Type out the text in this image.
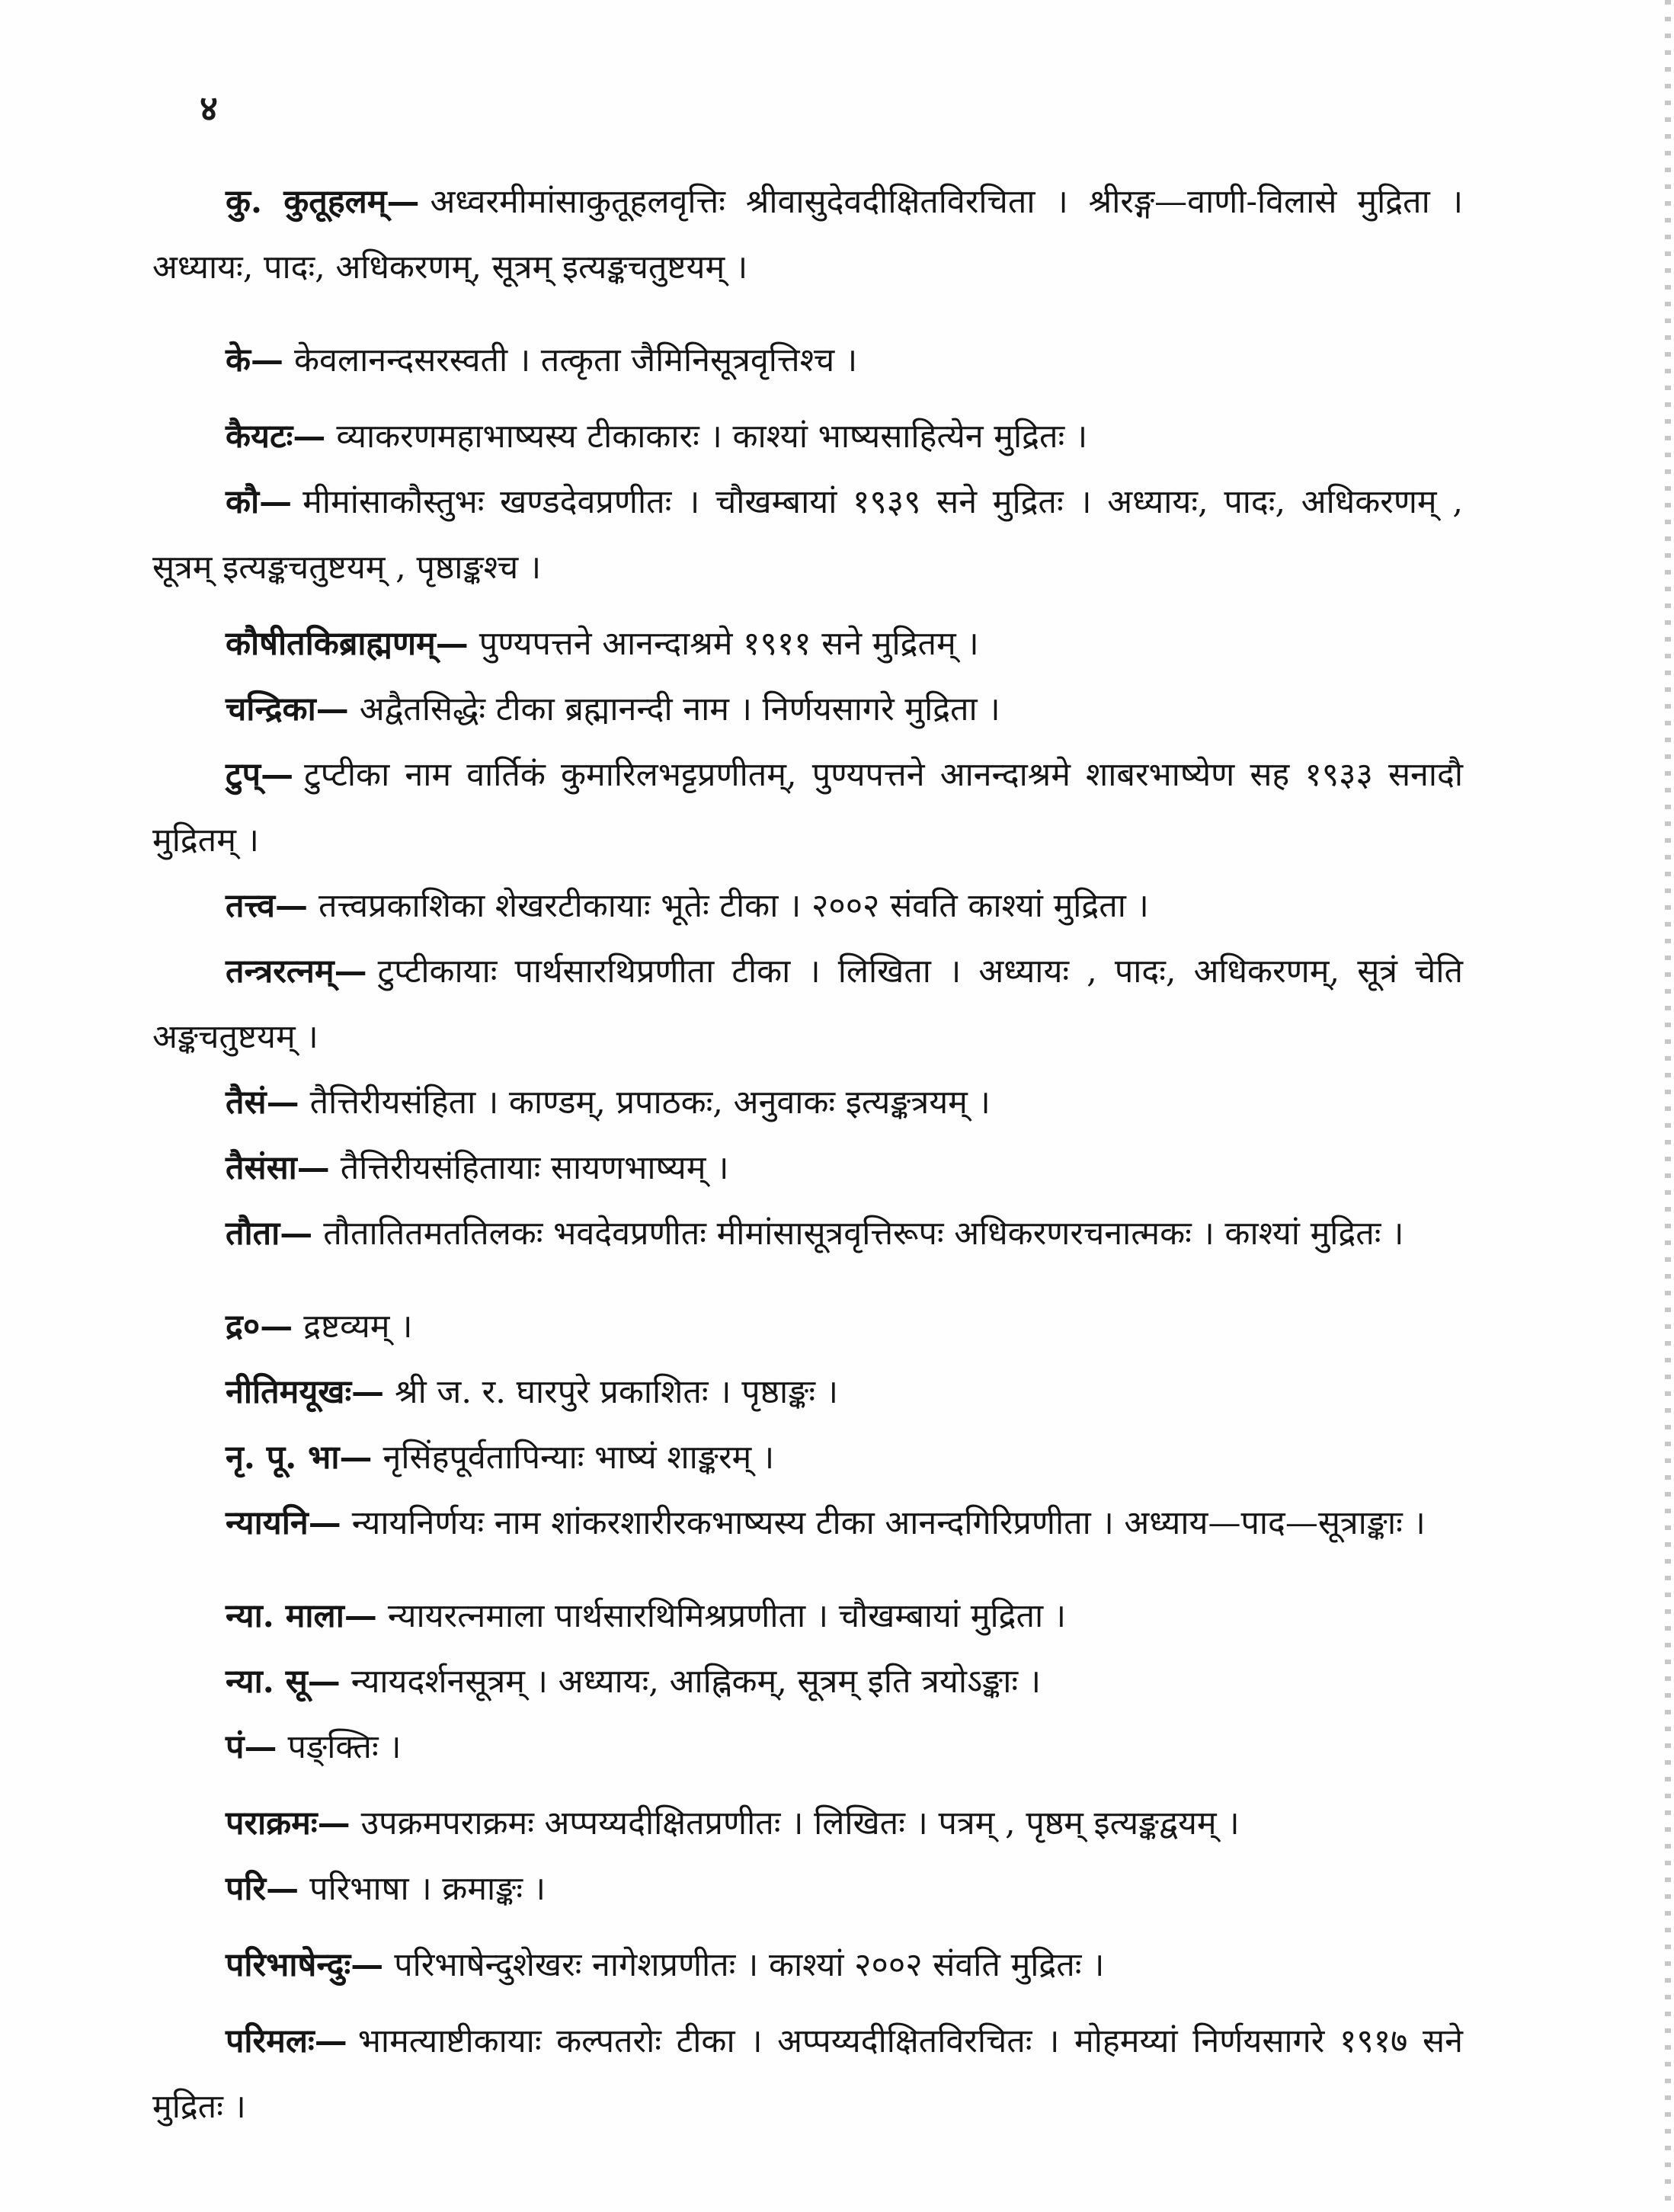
४

कु. कुतूहलम्— अध्वरमीमांसाकुतूहलवृत्तिः श्रीवासुदेवदीक्षितविरचिता । श्रीरङ्ग—वाणी-विलासे मुद्रिता । अध्यायः, पादः, अधिकरणम्, सूत्रम् इत्यङ्कचतुष्टयम् ।

के— केवलानन्दसरस्वती । तत्कृता जैमिनिसूत्रवृत्तिश्च ।

कैयटः— व्याकरणमहाभाष्यस्य टीकाकारः । काश्यां भाष्यसाहित्येन मुद्रितः ।

कौ— मीमांसाकौस्तुभः खण्डदेवप्रणीतः । चौखम्बायां १९३९ सने मुद्रितः । अध्यायः, पादः, अधिकरणम् , सूत्रम् इत्यङ्कचतुष्टयम् , पृष्ठाङ्कश्च ।

कौषीतकिब्राह्मणम्— पुण्यपत्तने आनन्दाश्रमे १९११ सने मुद्रितम् ।

चन्द्रिका— अद्वैतसिद्धेः टीका ब्रह्मानन्दी नाम । निर्णयसागरे मुद्रिता ।

टुप्— टुप्टीका नाम वार्तिकं कुमारिलभट्टप्रणीतम्, पुण्यपत्तने आनन्दाश्रमे शाबरभाष्येण सह १९३३ सनादौ मुद्रितम् ।

तत्त्व— तत्त्वप्रकाशिका शेखरटीकायाः भूतेः टीका । २००२ संवति काश्यां मुद्रिता ।

तन्त्ररत्नम्— टुप्टीकायाः पार्थसारथिप्रणीता टीका । लिखिता । अध्यायः , पादः, अधिकरणम्, सूत्रं चेति अङ्कचतुष्टयम् ।

तैसं— तैत्तिरीयसंहिता । काण्डम्, प्रपाठकः, अनुवाकः इत्यङ्कत्रयम् ।

तैसंसा— तैत्तिरीयसंहितायाः सायणभाष्यम् ।

तौता— तौतातितमततिलकः भवदेवप्रणीतः मीमांसासूत्रवृत्तिरूपः अधिकरणरचनात्मकः । काश्यां मुद्रितः ।

द्र०— द्रष्टव्यम् ।

नीतिमयूखः— श्री ज. र. घारपुरे प्रकाशितः । पृष्ठाङ्कः ।

नृ. पू. भा— नृसिंहपूर्वतापिन्याः भाष्यं शाङ्करम् ।

न्यायनि— न्यायनिर्णयः नाम शांकरशारीरकभाष्यस्य टीका आनन्दगिरिप्रणीता । अध्याय—पाद—सूत्राङ्काः ।

न्या. माला— न्यायरत्नमाला पार्थसारथिमिश्रप्रणीता । चौखम्बायां मुद्रिता ।

न्या. सू— न्यायदर्शनसूत्रम् । अध्यायः, आह्निकम्, सूत्रम् इति त्रयोऽङ्काः ।

पं— पङ्क्तिः ।

पराक्रमः— उपक्रमपराक्रमः अप्पय्यदीक्षितप्रणीतः । लिखितः । पत्रम् , पृष्ठम् इत्यङ्कद्वयम् ।

परि— परिभाषा । क्रमाङ्कः ।

परिभाषेन्दुः— परिभाषेन्दुशेखरः नागेशप्रणीतः । काश्यां २००२ संवति मुद्रितः ।

परिमलः— भामत्याष्टीकायाः कल्पतरोः टीका । अप्पय्यदीक्षितविरचितः । मोहमय्यां निर्णयसागरे १९१७ सने मुद्रितः ।
